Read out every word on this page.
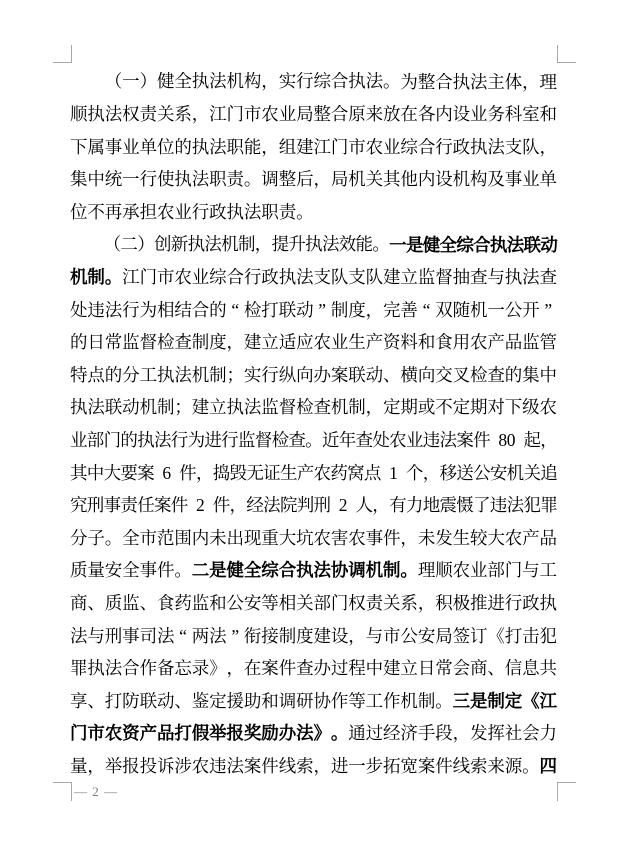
（ 一 ） 健 全 执 法 机 构 ， 实 行 综 合 执 法 。 为 整 合 执 法 主 体 ， 理
顺 执 法 权 责 关 系 ， 江 门 市 农 业 局 整 合 原 来 放 在 各 内 设 业 务 科 室 和
下 属 事 业 单 位 的 执 法 职 能 ， 组 建 江 门 市 农 业 综 合 行 政 执 法 支 队 ，
集 中 统 一 行 使 执 法 职 责 。 调 整 后 ， 局 机 关 其 他 内 设 机 构 及 事 业 单
位 不 再 承 担 农 业 行 政 执 法 职 责 。

（ 二 ） 创 新 执 法 机 制 ， 提 升 执 法 效 能 。 一 是 健 全 综 合 执 法 联 动
机 制 。 江 门 市 农 业 综 合 行 政 执 法 支 队 支 队 建 立 监 督 抽 查 与 执 法 查
处 违 法 行 为 相 结 合 的 “ 检 打 联 动 ” 制 度 ， 完 善 “ 双 随 机 一 公 开 ”
的 日 常 监 督 检 查 制 度 ， 建 立 适 应 农 业 生 产 资 料 和 食 用 农 产 品 监 管
特 点 的 分 工 执 法 机 制 ； 实 行 纵 向 办 案 联 动 、 横 向 交 叉 检 查 的 集 中
执 法 联 动 机 制 ； 建 立 执 法 监 督 检 查 机 制 ， 定 期 或 不 定 期 对 下 级 农
业 部 门 的 执 法 行 为 进 行 监 督 检 查 。 近 年 查 处 农 业 违 法 案 件
8 0
起 ，
其 中 大 要 案
6
件 ， 捣 毁 无 证 生 产 农 药 窝 点
1
个 ， 移 送 公 安 机 关 追
究 刑 事 责 任 案 件
2
件 ， 经 法 院 判 刑
2
人 ， 有 力 地 震 慑 了 违 法 犯 罪
分 子 。 全 市 范 围 内 未 出 现 重 大 坑 农 害 农 事 件 ， 未 发 生 较 大 农 产 品
质 量 安 全 事 件 。 二 是 健 全 综 合 执 法 协 调 机 制 。 理 顺 农 业 部 门 与 工
商 、 质 监 、 食 药 监 和 公 安 等 相 关 部 门 权 责 关 系 ， 积 极 推 进 行 政 执
法 与 刑 事 司 法 “ 两 法 ” 衔 接 制 度 建 设 ， 与 市 公 安 局 签 订 《 打 击 犯
罪 执 法 合 作 备 忘 录 》 ， 在 案 件 查 办 过 程 中 建 立 日 常 会 商 、 信 息 共
享 、 打 防 联 动 、 鉴 定 援 助 和 调 研 协 作 等 工 作 机 制 。 三 是 制 定 《 江
门 市 农 资 产 品 打 假 举 报 奖 励 办 法 》 。 通 过 经 济 手 段 ， 发 挥 社 会 力
量 ， 举 报 投 诉 涉 农 违 法 案 件 线 索 ， 进 一 步 拓 宽 案 件 线 索 来 源 。 四
— 2 —
